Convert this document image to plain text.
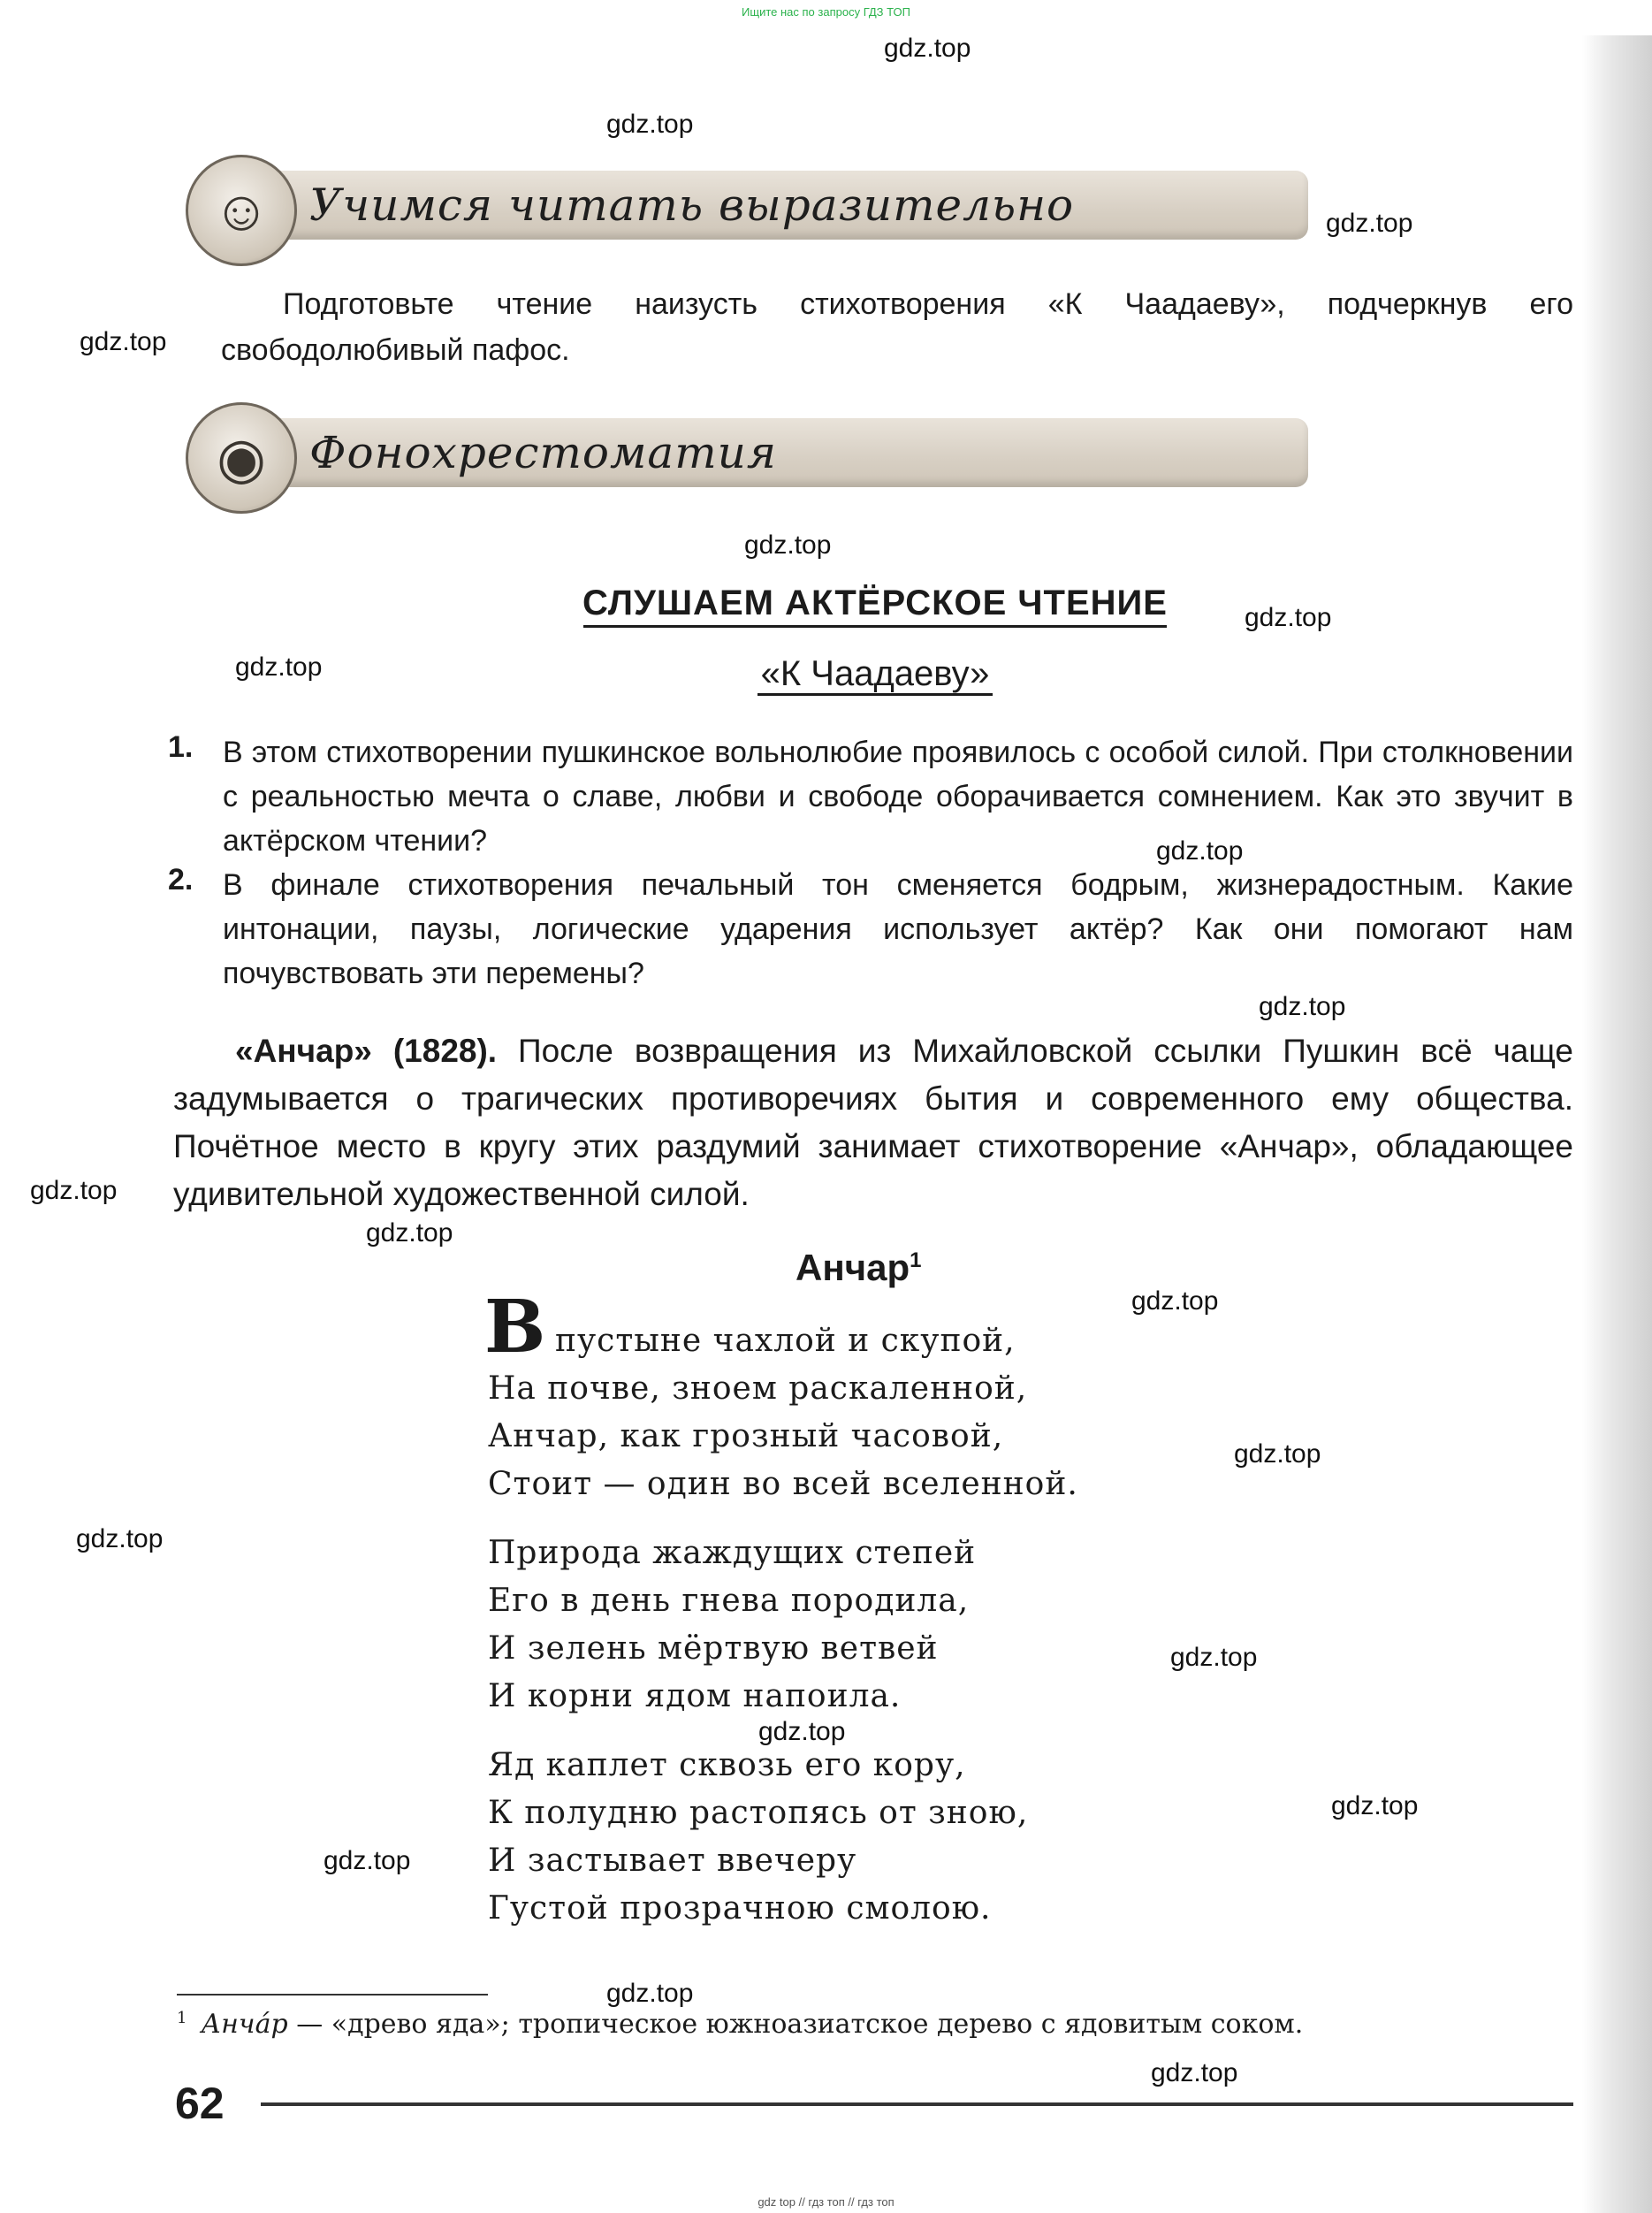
Ищите нас по запросу ГДЗ ТОП
gdz.top
gdz.top
gdz.top
gdz.top
gdz.top
gdz.top
gdz.top
gdz.top
gdz.top
gdz.top
gdz.top
gdz.top
gdz.top
gdz.top
gdz.top
gdz.top
gdz.top
gdz.top
gdz.top
gdz.top
☺ Учимся читать выразительно
Подготовьте чтение наизусть стихотворения «К Чаадаеву», подчеркнув его свободолюбивый пафос.
◉ Фонохрестоматия
СЛУШАЕМ АКТЁРСКОЕ ЧТЕНИЕ
«К Чаадаеву»
1. В этом стихотворении пушкинское вольнолюбие проявилось с особой силой. При столкновении с реальностью мечта о славе, любви и свободе оборачивается сомнением. Как это звучит в актёрском чтении?
2. В финале стихотворения печальный тон сменяется бодрым, жизнерадостным. Какие интонации, паузы, логические ударения использует актёр? Как они помогают нам почувствовать эти перемены?
«Анчар» (1828). После возвращения из Михайловской ссылки Пушкин всё чаще задумывается о трагических противоречиях бытия и современного ему общества. Почётное место в кругу этих раздумий занимает стихотворение «Анчар», обладающее удивительной художественной силой.
Анчар$^1$
В пустыне чахлой и скупой,
На почве, зноем раскаленной,
Анчар, как грозный часовой,
Стоит — один во всей вселенной.
Природа жаждущих степей
Его в день гнева породила,
И зелень мёртвую ветвей
И корни ядом напоила.
Яд каплет сквозь его кору,
К полудню растопясь от зною,
И застывает ввечеру
Густой прозрачною смолою.
$^1$ Анча́р — «древо яда»; тропическое южноазиатское дерево с ядовитым соком.
62
gdz top // гдз топ // гдз топ
